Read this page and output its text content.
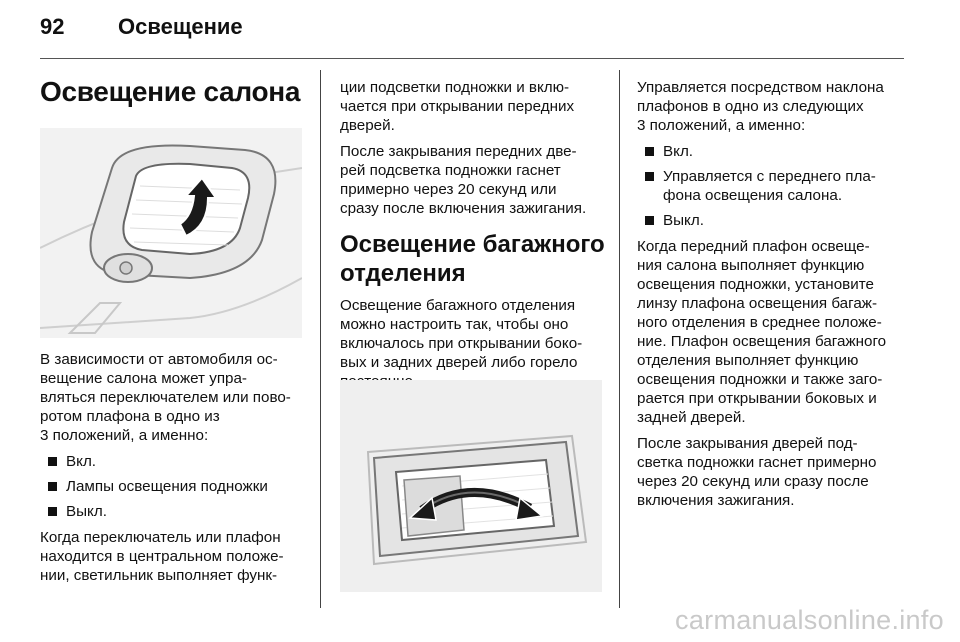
92	Освещение
Освещение салона

В зависимости от автомобиля ос-
вещение салона может упра-
вляться переключателем или пово-
ротом плафона в одно из
3 положений, а именно:

Вкл.
Лампы освещения подножки
Выкл.

Когда переключатель или плафон
находится в центральном положе-
нии, светильник выполняет функ-

ции подсветки подножки и вклю-
чается при открывании передних
дверей.

После закрывания передних две-
рей подсветка подножки гаснет
примерно через 20 секунд или
сразу после включения зажигания.

Освещение багажного
отделения

Освещение багажного отделения
можно настроить так, чтобы оно
включалось при открывании боко-
вых и задних дверей либо горело

Управляется посредством наклона
плафонов в одно из следующих
3 положений, а именно:

Вкл.
Управляется с переднего пла-
фона освещения салона.
Выкл.

Когда передний плафон освеще-
ния салона выполняет функцию
освещения подножки, установите
линзу плафона освещения багаж-
ного отделения в среднее положе-
ние. Плафон освещения багажного
отделения выполняет функцию
освещения подножки и также заго-
рается при открывании боковых и
задней дверей.

После закрывания дверей под-
светка подножки гаснет примерно
через 20 секунд или сразу после
включения зажигания.

carmanualsonline.info
